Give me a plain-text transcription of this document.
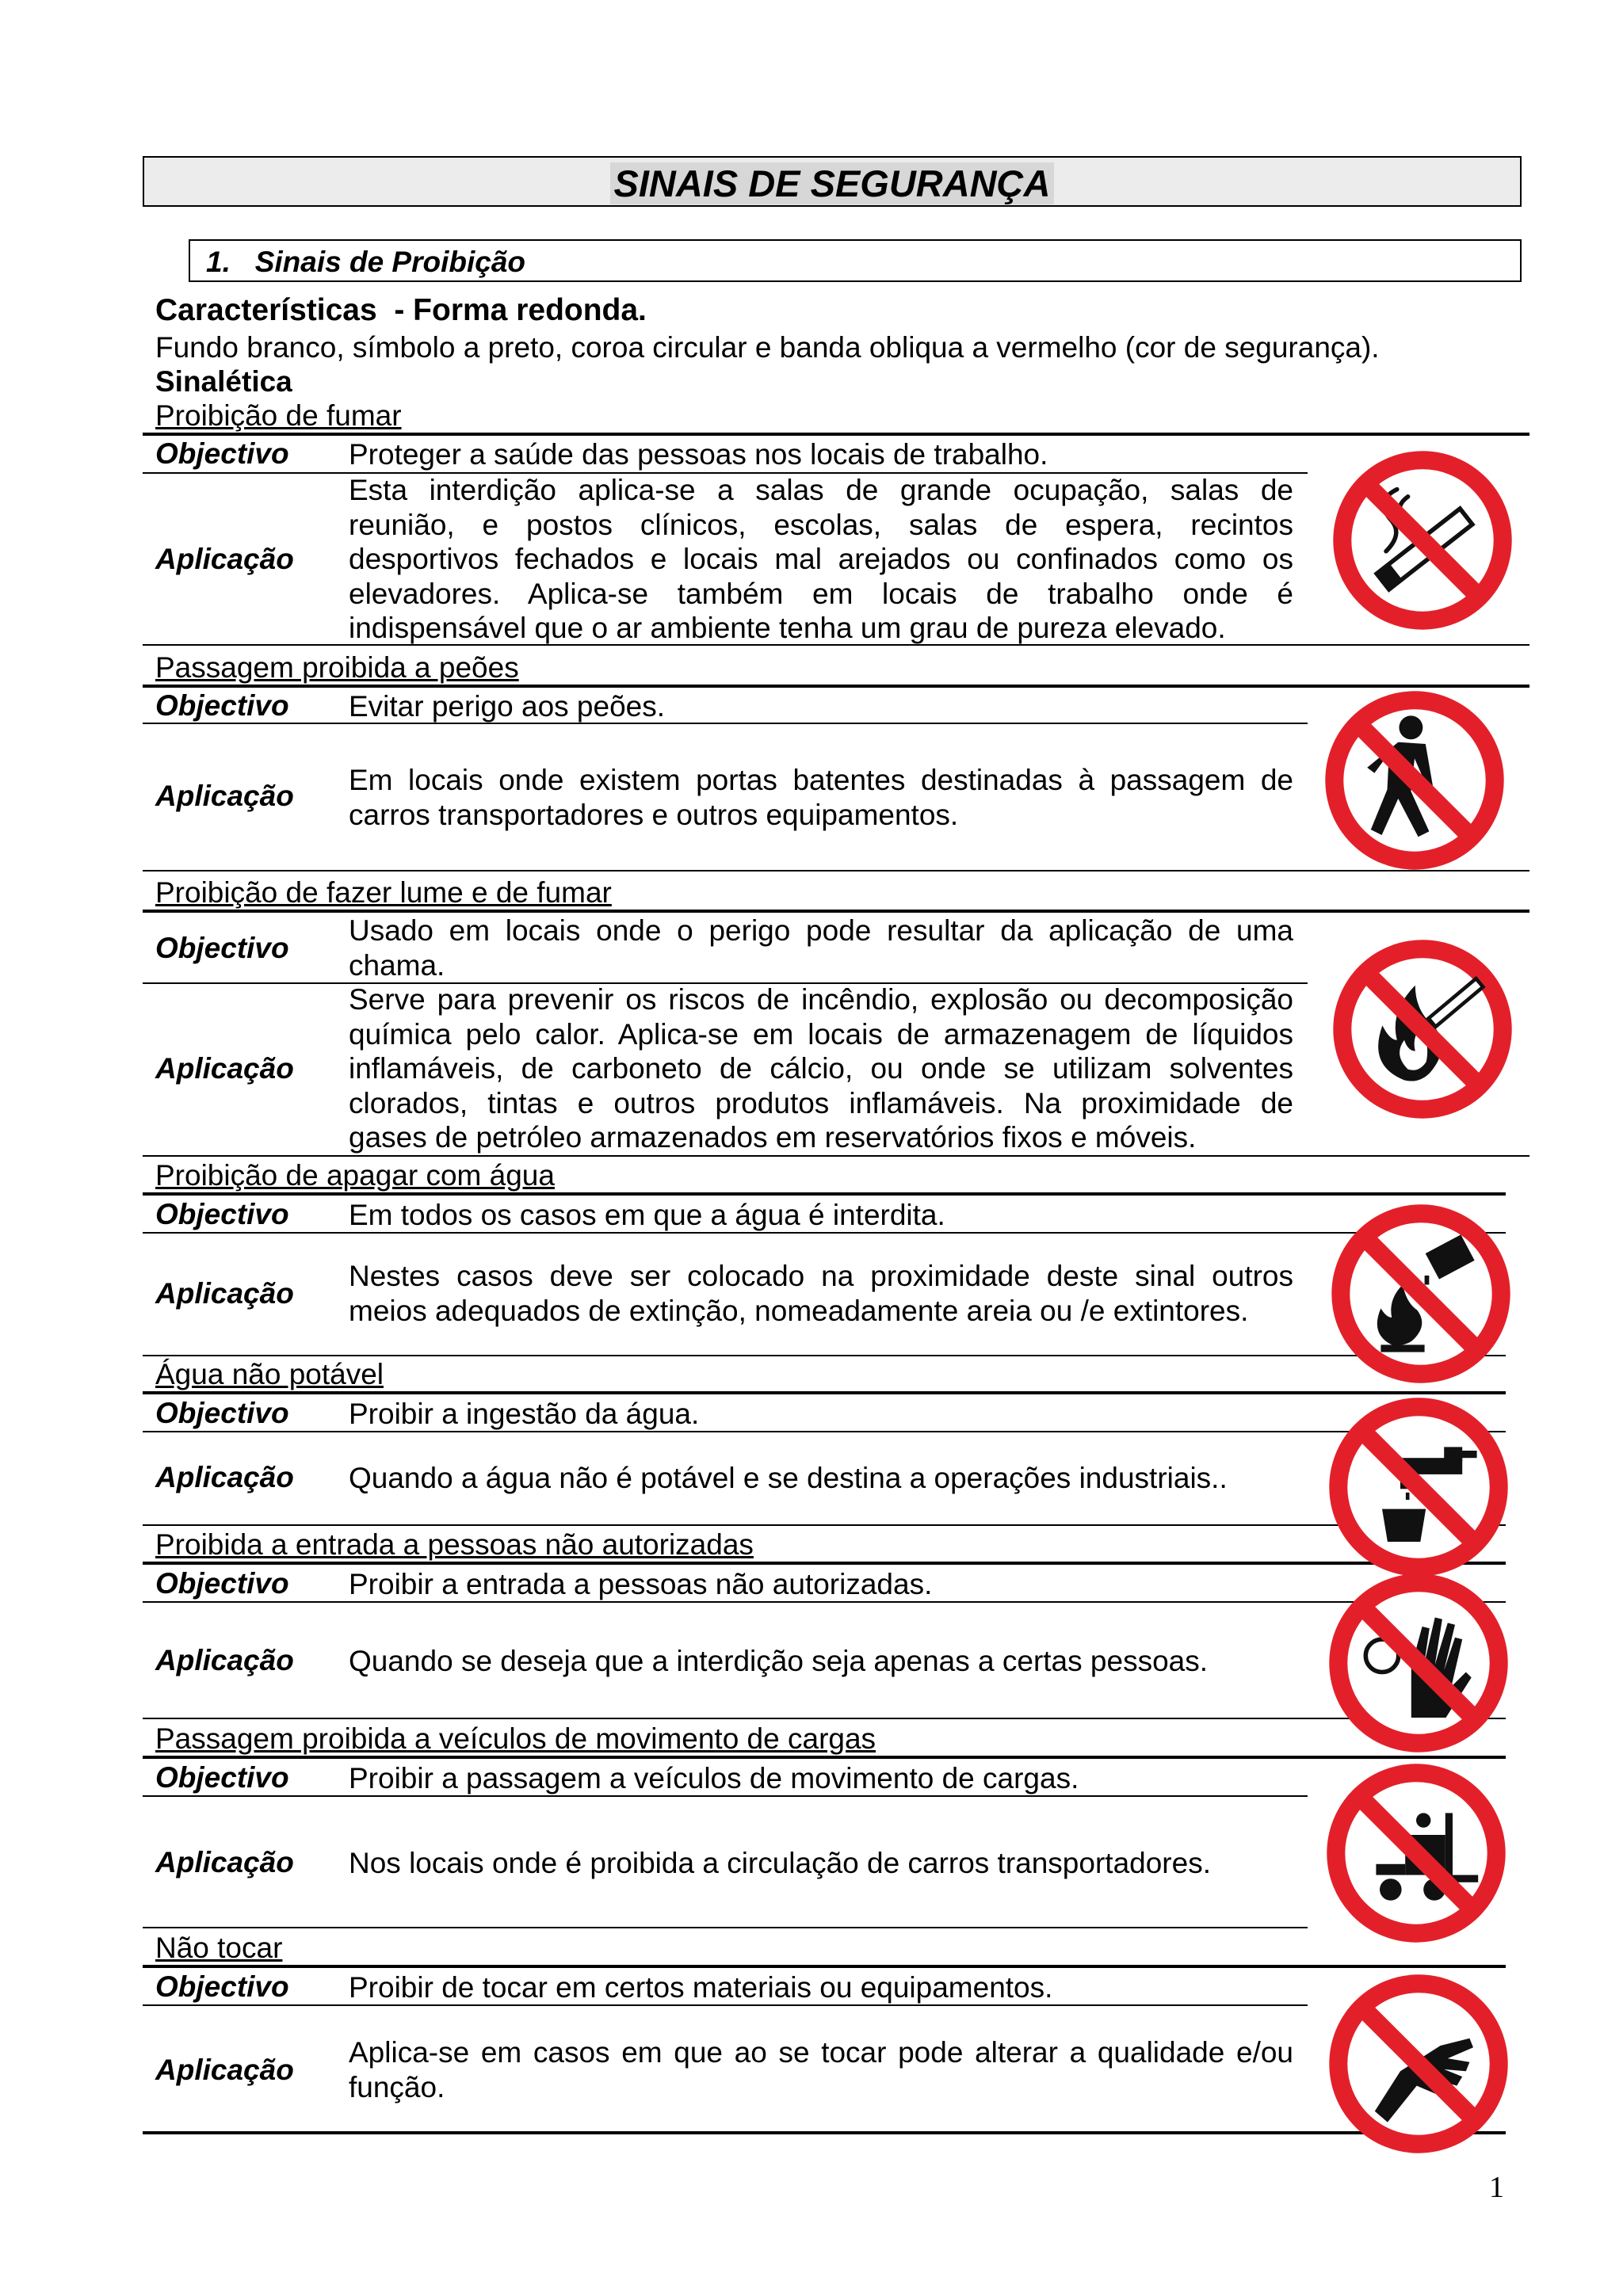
SINAIS DE SEGURANÇA
1. Sinais de Proibição
Características - Forma redonda.
Fundo branco, símbolo a preto, coroa circular e banda obliqua a vermelho (cor de segurança).
Sinalética
Proibição de fumar
Objectivo Proteger a saúde das pessoas nos locais de trabalho.
Aplicação
Esta interdição aplica-se a salas de grande ocupação, salas de
reunião, e postos clínicos, escolas, salas de espera, recintos
desportivos fechados e locais mal arejados ou confinados como os
elevadores. Aplica-se também em locais de trabalho onde é
indispensável que o ar ambiente tenha um grau de pureza elevado.
Passagem proibida a peões
Objectivo Evitar perigo aos peões.
Aplicação Em locais onde existem portas batentes destinadas à passagem de
carros transportadores e outros equipamentos.
Proibição de fazer lume e de fumar
Objectivo
Usado em locais onde o perigo pode resultar da aplicação de uma
chama.
Aplicação
Serve para prevenir os riscos de incêndio, explosão ou decomposição
química pelo calor. Aplica-se em locais de armazenagem de líquidos
inflamáveis, de carboneto de cálcio, ou onde se utilizam solventes
clorados, tintas e outros produtos inflamáveis. Na proximidade de
gases de petróleo armazenados em reservatórios fixos e móveis.
Proibição de apagar com água
Objectivo Em todos os casos em que a água é interdita.
Aplicação
Nestes casos deve ser colocado na proximidade deste sinal outros
meios adequados de extinção, nomeadamente areia ou /e extintores.
Água não potável
Objectivo Proibir a ingestão da água.
Aplicação Quando a água não é potável e se destina a operações industriais..
Proibida a entrada a pessoas não autorizadas
Objectivo Proibir a entrada a pessoas não autorizadas.
Aplicação Quando se deseja que a interdição seja apenas a certas pessoas.
Passagem proibida a veículos de movimento de cargas
Objectivo Proibir a passagem a veículos de movimento de cargas.
Aplicação Nos locais onde é proibida a circulação de carros transportadores.
Não tocar
Objectivo Proibir de tocar em certos materiais ou equipamentos.
Aplicação
Aplica-se em casos em que ao se tocar pode alterar a qualidade e/ou
função.
1
